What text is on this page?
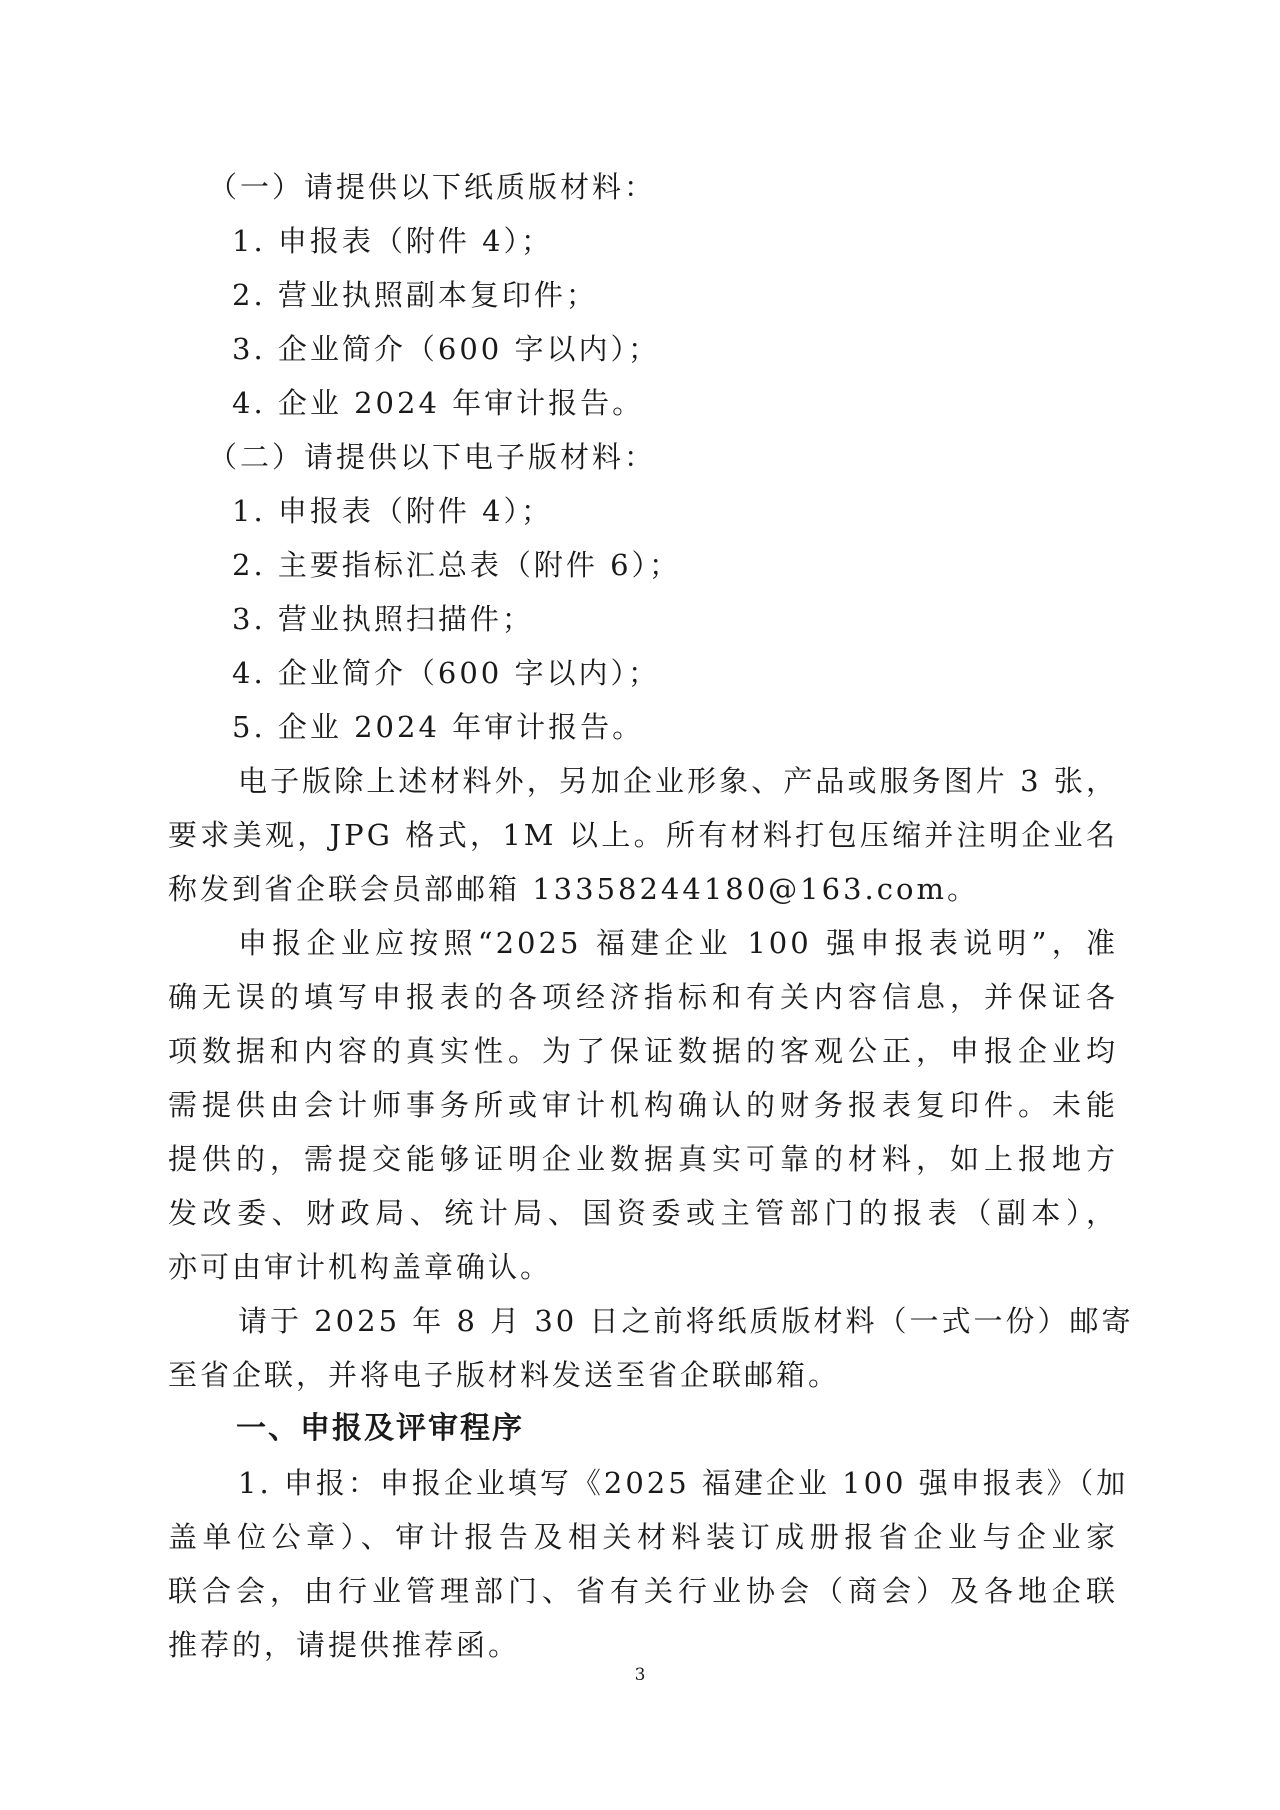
（一）请提供以下纸质版材料：
1. 申报表（附件 4）；
2. 营业执照副本复印件；
3. 企业简介（600 字以内）；
4. 企业 2024 年审计报告。
（二）请提供以下电子版材料：
1. 申报表（附件 4）；
2. 主要指标汇总表（附件 6）；
3. 营业执照扫描件；
4. 企业简介（600 字以内）；
5. 企业 2024 年审计报告。
电子版除上述材料外，另加企业形象、产品或服务图片 3 张，
要求美观，JPG 格式，1M 以上。所有材料打包压缩并注明企业名
称发到省企联会员部邮箱 13358244180@163.com。
申报企业应按照“2025 福建企业 100 强申报表说明”，准
确无误的填写申报表的各项经济指标和有关内容信息，并保证各
项数据和内容的真实性。为了保证数据的客观公正，申报企业均
需提供由会计师事务所或审计机构确认的财务报表复印件。未能
提供的，需提交能够证明企业数据真实可靠的材料，如上报地方
发改委、财政局、统计局、国资委或主管部门的报表（副本），
亦可由审计机构盖章确认。
请于 2025 年 8 月 30 日之前将纸质版材料（一式一份）邮寄
至省企联，并将电子版材料发送至省企联邮箱。
一、申报及评审程序
1. 申报：申报企业填写《2025 福建企业 100 强申报表》（加
盖单位公章）、审计报告及相关材料装订成册报省企业与企业家
联合会，由行业管理部门、省有关行业协会（商会）及各地企联
推荐的，请提供推荐函。
3
